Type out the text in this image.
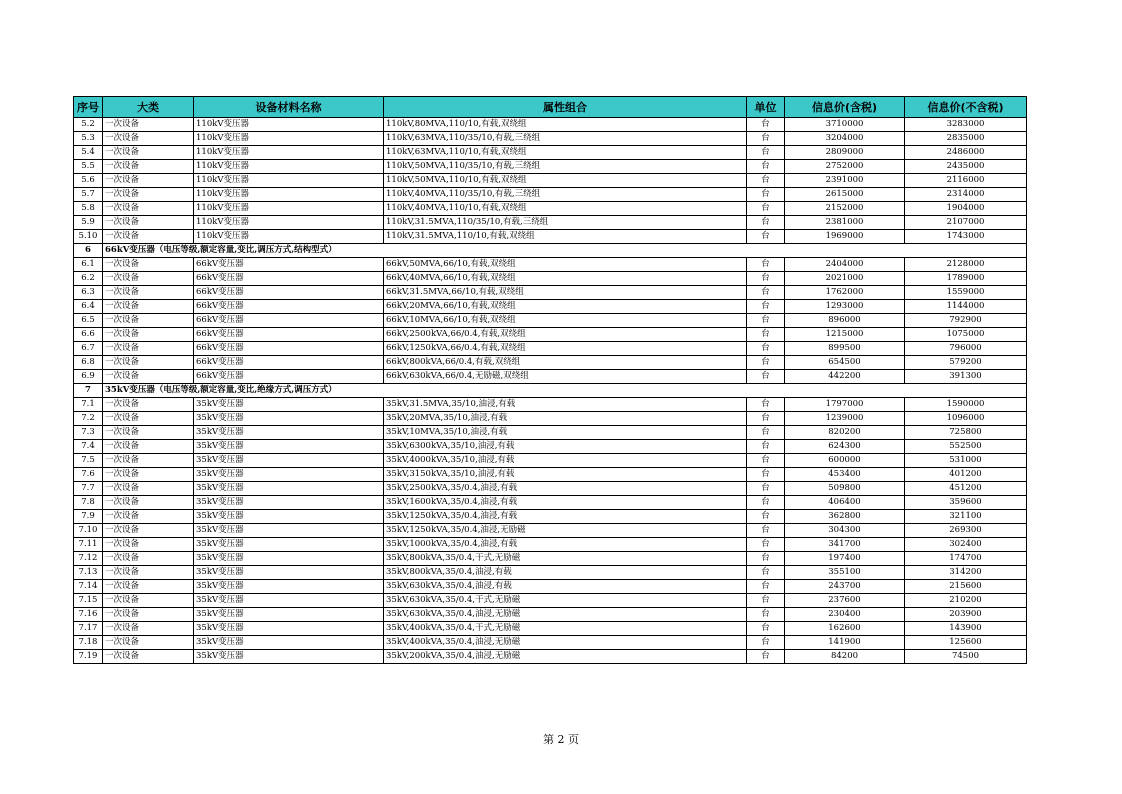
序号	大类	设备材料名称	属性组合	单位	信息价(含税)	信息价(不含税)
5.2	一次设备	110kV变压器	110kV,80MVA,110/10,有载,双绕组	台	3710000	3283000
5.3	一次设备	110kV变压器	110kV,63MVA,110/35/10,有载,三绕组	台	3204000	2835000
5.4	一次设备	110kV变压器	110kV,63MVA,110/10,有载,双绕组	台	2809000	2486000
5.5	一次设备	110kV变压器	110kV,50MVA,110/35/10,有载,三绕组	台	2752000	2435000
5.6	一次设备	110kV变压器	110kV,50MVA,110/10,有载,双绕组	台	2391000	2116000
5.7	一次设备	110kV变压器	110kV,40MVA,110/35/10,有载,三绕组	台	2615000	2314000
5.8	一次设备	110kV变压器	110kV,40MVA,110/10,有载,双绕组	台	2152000	1904000
5.9	一次设备	110kV变压器	110kV,31.5MVA,110/35/10,有载,三绕组	台	2381000	2107000
5.10	一次设备	110kV变压器	110kV,31.5MVA,110/10,有载,双绕组	台	1969000	1743000
6	66kV变压器（电压等级,额定容量,变比,调压方式,结构型式）					
6.1	一次设备	66kV变压器	66kV,50MVA,66/10,有载,双绕组	台	2404000	2128000
6.2	一次设备	66kV变压器	66kV,40MVA,66/10,有载,双绕组	台	2021000	1789000
6.3	一次设备	66kV变压器	66kV,31.5MVA,66/10,有载,双绕组	台	1762000	1559000
6.4	一次设备	66kV变压器	66kV,20MVA,66/10,有载,双绕组	台	1293000	1144000
6.5	一次设备	66kV变压器	66kV,10MVA,66/10,有载,双绕组	台	896000	792900
6.6	一次设备	66kV变压器	66kV,2500kVA,66/0.4,有载,双绕组	台	1215000	1075000
6.7	一次设备	66kV变压器	66kV,1250kVA,66/0.4,有载,双绕组	台	899500	796000
6.8	一次设备	66kV变压器	66kV,800kVA,66/0.4,有载,双绕组	台	654500	579200
6.9	一次设备	66kV变压器	66kV,630kVA,66/0.4,无励磁,双绕组	台	442200	391300
7	35kV变压器（电压等级,额定容量,变比,绝缘方式,调压方式）					
7.1	一次设备	35kV变压器	35kV,31.5MVA,35/10,油浸,有载	台	1797000	1590000
7.2	一次设备	35kV变压器	35kV,20MVA,35/10,油浸,有载	台	1239000	1096000
7.3	一次设备	35kV变压器	35kV,10MVA,35/10,油浸,有载	台	820200	725800
7.4	一次设备	35kV变压器	35kV,6300kVA,35/10,油浸,有载	台	624300	552500
7.5	一次设备	35kV变压器	35kV,4000kVA,35/10,油浸,有载	台	600000	531000
7.6	一次设备	35kV变压器	35kV,3150kVA,35/10,油浸,有载	台	453400	401200
7.7	一次设备	35kV变压器	35kV,2500kVA,35/0.4,油浸,有载	台	509800	451200
7.8	一次设备	35kV变压器	35kV,1600kVA,35/0.4,油浸,有载	台	406400	359600
7.9	一次设备	35kV变压器	35kV,1250kVA,35/0.4,油浸,有载	台	362800	321100
7.10	一次设备	35kV变压器	35kV,1250kVA,35/0.4,油浸,无励磁	台	304300	269300
7.11	一次设备	35kV变压器	35kV,1000kVA,35/0.4,油浸,有载	台	341700	302400
7.12	一次设备	35kV变压器	35kV,800kVA,35/0.4,干式,无励磁	台	197400	174700
7.13	一次设备	35kV变压器	35kV,800kVA,35/0.4,油浸,有载	台	355100	314200
7.14	一次设备	35kV变压器	35kV,630kVA,35/0.4,油浸,有载	台	243700	215600
7.15	一次设备	35kV变压器	35kV,630kVA,35/0.4,干式,无励磁	台	237600	210200
7.16	一次设备	35kV变压器	35kV,630kVA,35/0.4,油浸,无励磁	台	230400	203900
7.17	一次设备	35kV变压器	35kV,400kVA,35/0.4,干式,无励磁	台	162600	143900
7.18	一次设备	35kV变压器	35kV,400kVA,35/0.4,油浸,无励磁	台	141900	125600
7.19	一次设备	35kV变压器	35kV,200kVA,35/0.4,油浸,无励磁	台	84200	74500
第 2 页
